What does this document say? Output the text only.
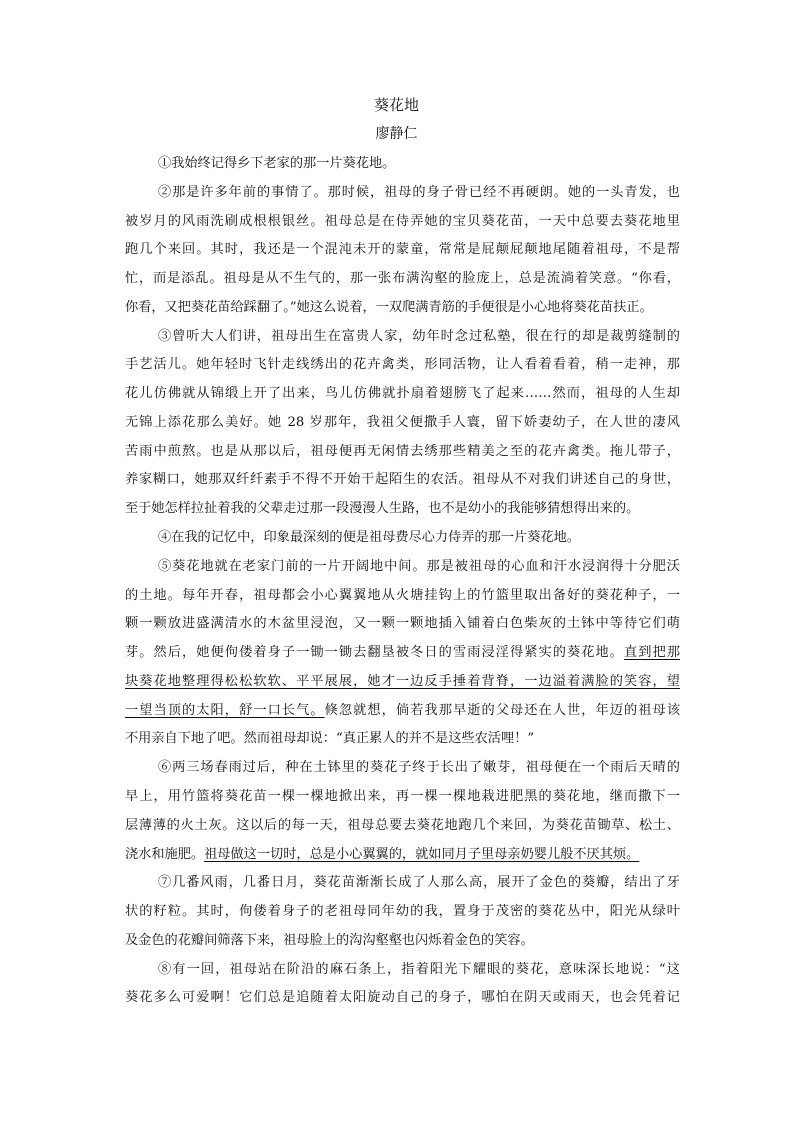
葵花地
廖静仁
①我始终记得乡下老家的那一片葵花地。
②那是许多年前的事情了。那时候，祖母的身子骨已经不再硬朗。她的一头青发，也
被岁月的风雨洗刷成根根银丝。祖母总是在侍弄她的宝贝葵花苗，一天中总要去葵花地里
跑几个来回。其时，我还是一个混沌未开的蒙童，常常是屁颠屁颠地尾随着祖母，不是帮
忙，而是添乱。祖母是从不生气的，那一张布满沟壑的脸庞上，总是流淌着笑意。“你看，
你看，又把葵花苗给踩翻了。”她这么说着，一双爬满青筋的手便很是小心地将葵花苗扶正。
③曾听大人们讲，祖母出生在富贵人家，幼年时念过私塾，很在行的却是裁剪缝制的
手艺活儿。她年轻时飞针走线绣出的花卉禽类，形同活物，让人看着看着，稍一走神，那
花儿仿佛就从锦缎上开了出来，鸟儿仿佛就扑扇着翅膀飞了起来……然而，祖母的人生却
无锦上添花那么美好。她 28 岁那年，我祖父便撒手人寰，留下娇妻幼子，在人世的凄风
苦雨中煎熬。也是从那以后，祖母便再无闲情去绣那些精美之至的花卉禽类。拖儿带子，
养家糊口，她那双纤纤素手不得不开始干起陌生的农活。祖母从不对我们讲述自己的身世，
至于她怎样拉扯着我的父辈走过那一段漫漫人生路，也不是幼小的我能够猜想得出来的。
④在我的记忆中，印象最深刻的便是祖母费尽心力侍弄的那一片葵花地。
⑤葵花地就在老家门前的一片开阔地中间。那是被祖母的心血和汗水浸润得十分肥沃
的土地。每年开春，祖母都会小心翼翼地从火塘挂钩上的竹篮里取出备好的葵花种子，一
颗一颗放进盛满清水的木盆里浸泡，又一颗一颗地插入铺着白色柴灰的土钵中等待它们萌
芽。然后，她便佝偻着身子一锄一锄去翻垦被冬日的雪雨浸淫得紧实的葵花地。直到把那
块葵花地整理得松松软软、平平展展，她才一边反手捶着背脊，一边溢着满脸的笑容，望
一望当顶的太阳，舒一口长气。倏忽就想，倘若我那早逝的父母还在人世，年迈的祖母该
不用亲自下地了吧。然而祖母却说：“真正累人的并不是这些农活哩！”
⑥两三场春雨过后，种在土钵里的葵花子终于长出了嫩芽，祖母便在一个雨后天晴的
早上，用竹篮将葵花苗一棵一棵地掀出来，再一棵一棵地栽进肥黑的葵花地，继而撒下一
层薄薄的火土灰。这以后的每一天，祖母总要去葵花地跑几个来回，为葵花苗锄草、松土、
浇水和施肥。祖母做这一切时，总是小心翼翼的，就如同月子里母亲奶婴儿般不厌其烦。
⑦几番风雨，几番日月，葵花苗渐渐长成了人那么高，展开了金色的葵瓣，结出了牙
状的籽粒。其时，佝偻着身子的老祖母同年幼的我，置身于茂密的葵花丛中，阳光从绿叶
及金色的花瓣间筛落下来，祖母脸上的沟沟壑壑也闪烁着金色的笑容。
⑧有一回，祖母站在阶沿的麻石条上，指着阳光下耀眼的葵花，意味深长地说：“这
葵花多么可爱啊！它们总是追随着太阳旋动自己的身子，哪怕在阴天或雨天，也会凭着记
